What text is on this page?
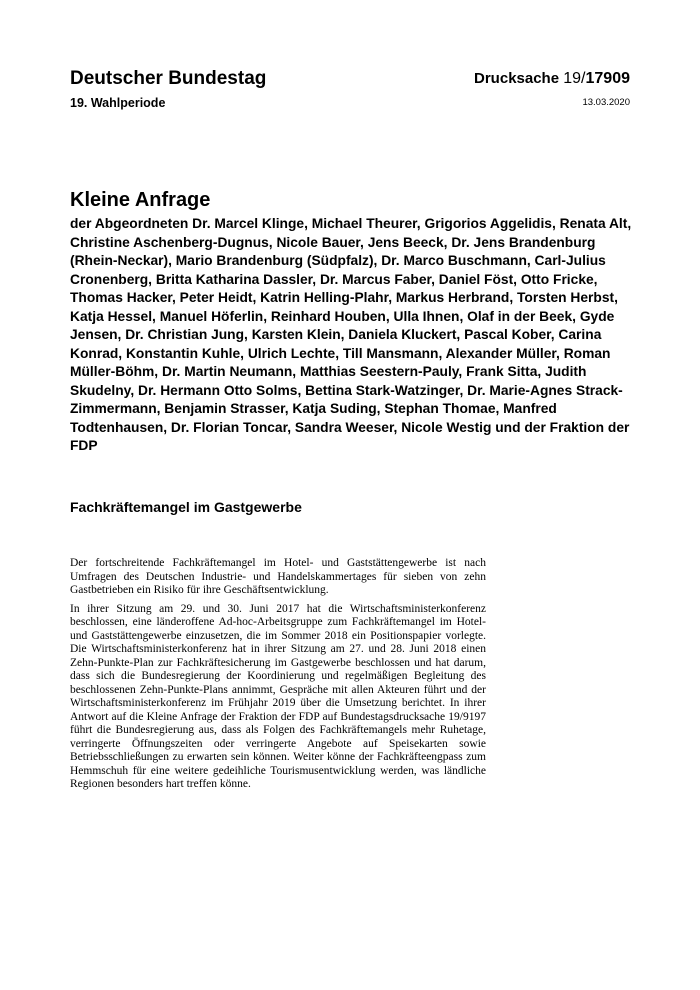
Deutscher Bundestag
19. Wahlperiode
Drucksache 19/17909
13.03.2020
Kleine Anfrage
der Abgeordneten Dr. Marcel Klinge, Michael Theurer, Grigorios Aggelidis, Renata Alt, Christine Aschenberg-Dugnus, Nicole Bauer, Jens Beeck, Dr. Jens Brandenburg (Rhein-Neckar), Mario Brandenburg (Südpfalz), Dr. Marco Buschmann, Carl-Julius Cronenberg, Britta Katharina Dassler, Dr. Marcus Faber, Daniel Föst, Otto Fricke, Thomas Hacker, Peter Heidt, Katrin Helling-Plahr, Markus Herbrand, Torsten Herbst, Katja Hessel, Manuel Höferlin, Reinhard Houben, Ulla Ihnen, Olaf in der Beek, Gyde Jensen, Dr. Christian Jung, Karsten Klein, Daniela Kluckert, Pascal Kober, Carina Konrad, Konstantin Kuhle, Ulrich Lechte, Till Mansmann, Alexander Müller, Roman Müller-Böhm, Dr. Martin Neumann, Matthias Seestern-Pauly, Frank Sitta, Judith Skudelny, Dr. Hermann Otto Solms, Bettina Stark-Watzinger, Dr. Marie-Agnes Strack-Zimmermann, Benjamin Strasser, Katja Suding, Stephan Thomae, Manfred Todtenhausen, Dr. Florian Toncar, Sandra Weeser, Nicole Westig und der Fraktion der FDP
Fachkräftemangel im Gastgewerbe

Der fortschreitende Fachkräftemangel im Hotel- und Gaststättengewerbe ist nach Umfragen des Deutschen Industrie- und Handelskammertages für sieben von zehn Gastbetrieben ein Risiko für ihre Geschäftsentwicklung.

In ihrer Sitzung am 29. und 30. Juni 2017 hat die Wirtschaftsministerkonferenz beschlossen, eine länderoffene Ad-hoc-Arbeitsgruppe zum Fachkräftemangel im Hotel- und Gaststättengewerbe einzusetzen, die im Sommer 2018 ein Positionspapier vorlegte. Die Wirtschaftsministerkonferenz hat in ihrer Sitzung am 27. und 28. Juni 2018 einen Zehn-Punkte-Plan zur Fachkräftesicherung im Gastgewerbe beschlossen und hat darum, dass sich die Bundesregierung der Koordinierung und regelmäßigen Begleitung des beschlossenen Zehn-Punkte-Plans annimmt, Gespräche mit allen Akteuren führt und der Wirtschaftsministerkonferenz im Frühjahr 2019 über die Umsetzung berichtet. In ihrer Antwort auf die Kleine Anfrage der Fraktion der FDP auf Bundestagsdrucksache 19/9197 führt die Bundesregierung aus, dass als Folgen des Fachkräftemangels mehr Ruhetage, verringerte Öffnungszeiten oder verringerte Angebote auf Speisekarten sowie Betriebsschließungen zu erwarten sein können. Weiter könne der Fachkräfteengpass zum Hemmschuh für eine weitere gedeihliche Tourismusentwicklung werden, was ländliche Regionen besonders hart treffen könne.
